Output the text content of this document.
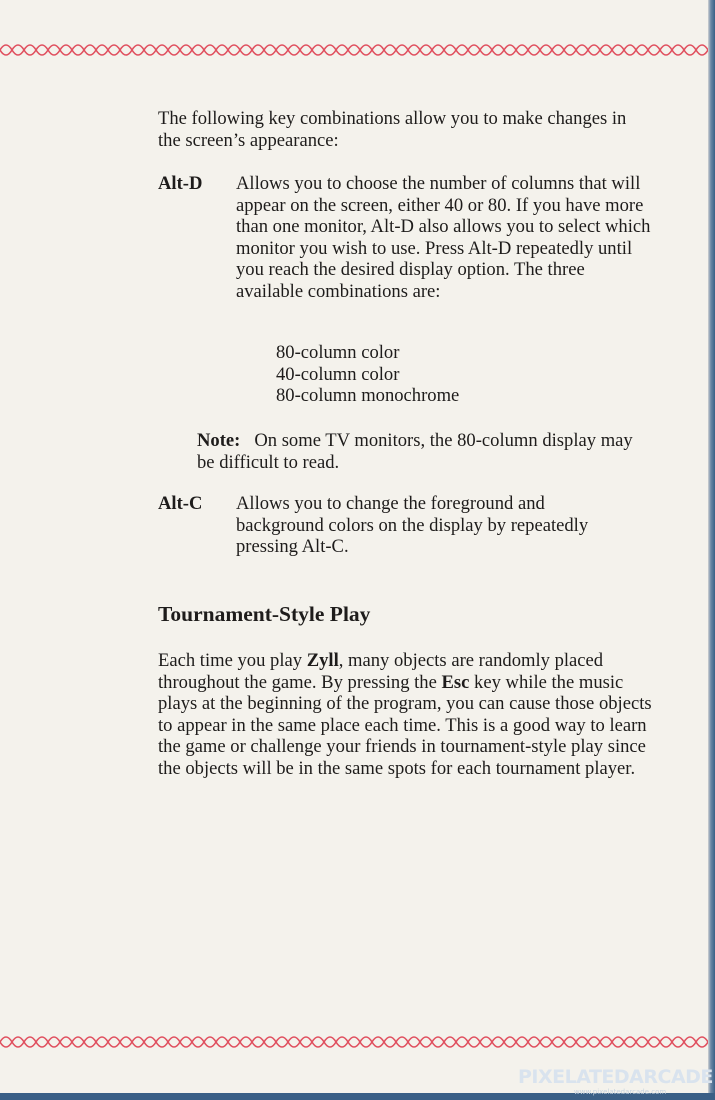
The following key combinations allow you to make changes in the screen’s appearance:
Alt-D Allows you to choose the number of columns that will appear on the screen, either 40 or 80. If you have more than one monitor, Alt-D also allows you to select which monitor you wish to use. Press Alt-D repeatedly until you reach the desired display option. The three available combinations are:
80-column color
40-column color
80-column monochrome
Note: On some TV monitors, the 80-column display may be difficult to read.
Alt-C Allows you to change the foreground and background colors on the display by repeatedly pressing Alt-C.
Tournament-Style Play
Each time you play Zyll, many objects are randomly placed throughout the game. By pressing the Esc key while the music plays at the beginning of the program, you can cause those objects to appear in the same place each time. This is a good way to learn the game or challenge your friends in tournament-style play since the objects will be in the same spots for each tournament player.
PIXELATEDARCADE
www.pixelatedarcade.com
